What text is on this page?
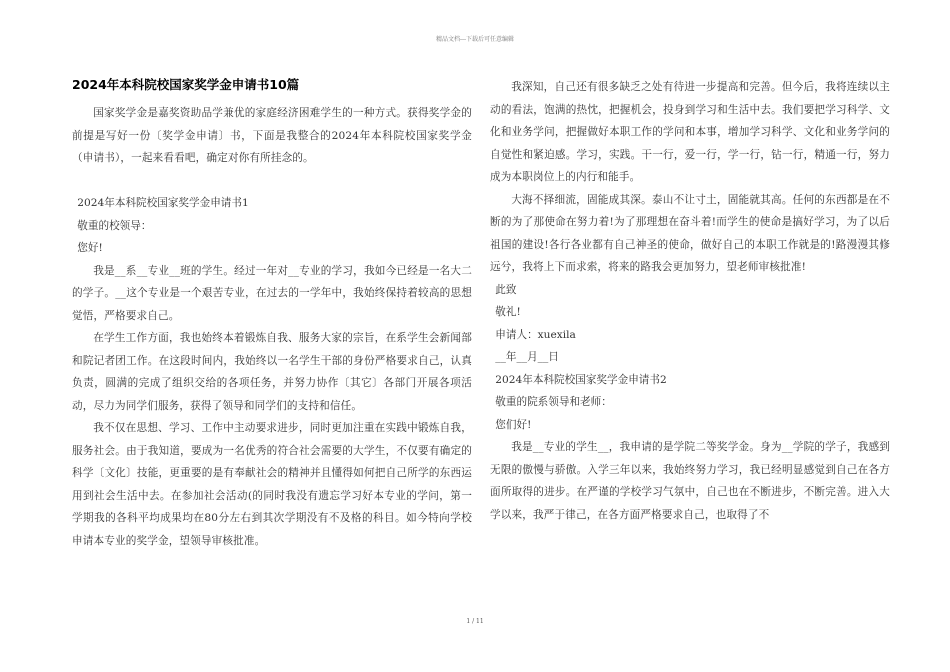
精品文档---下载后可任意编辑
2024年本科院校国家奖学金申请书10篇

国家奖学金是嘉奖资助品学兼优的家庭经济困难学生的一种方式。获得奖学金的前提是写好一份〔奖学金申请〕书，下面是我整合的2024年本科院校国家奖学金（申请书），一起来看看吧，确定对你有所挂念的。

2024年本科院校国家奖学金申请书1

敬重的校领导：

您好!

我是__系__专业__班的学生。经过一年对__专业的学习，我如今已经是一名大二的学子。__这个专业是一个艰苦专业，在过去的一学年中，我始终保持着较高的思想觉悟，严格要求自己。

在学生工作方面，我也始终本着锻炼自我、服务大家的宗旨，在系学生会新闻部和院记者团工作。在这段时间内，我始终以一名学生干部的身份严格要求自己，认真负责，圆满的完成了组织交给的各项任务，并努力协作〔其它〕各部门开展各项活动，尽力为同学们服务，获得了领导和同学们的支持和信任。

我不仅在思想、学习、工作中主动要求进步，同时更加注重在实践中锻炼自我，服务社会。由于我知道，要成为一名优秀的符合社会需要的大学生，不仅要有确定的科学〔文化〕技能，更重要的是有奉献社会的精神并且懂得如何把自己所学的东西运用到社会生活中去。在参加社会活动(的同时我没有遗忘学习好本专业的学问，第一学期我的各科平均成果均在80分左右到其次学期没有不及格的科目。如今特向学校申请本专业的奖学金，望领导审核批准。

我深知，自己还有很多缺乏之处有待进一步提高和完善。但今后，我将连续以主动的看法，饱满的热忱，把握机会，投身到学习和生活中去。我们要把学习科学、文化和业务学问，把握做好本职工作的学问和本事，增加学习科学、文化和业务学问的自觉性和紧迫感。学习，实践。干一行，爱一行，学一行，钻一行，精通一行，努力成为本职岗位上的内行和能手。

大海不择细流，固能成其深。泰山不让寸土，固能就其高。任何的东西都是在不断的为了那使命在努力着!为了那理想在奋斗着!而学生的使命是搞好学习，为了以后祖国的建设!各行各业都有自己神圣的使命，做好自己的本职工作就是的!路漫漫其修远兮，我将上下而求索，将来的路我会更加努力，望老师审核批准!

此致

敬礼!

申请人：xuexila

__年__月__日

2024年本科院校国家奖学金申请书2

敬重的院系领导和老师：

您们好!

我是__专业的学生__，我申请的是学院二等奖学金。身为__学院的学子，我感到无限的傲慢与骄傲。入学三年以来，我始终努力学习，我已经明显感觉到自己在各方面所取得的进步。在严谨的学校学习气氛中，自己也在不断进步，不断完善。进入大学以来，我严于律己，在各方面严格要求自己，也取得了不

1 / 11
